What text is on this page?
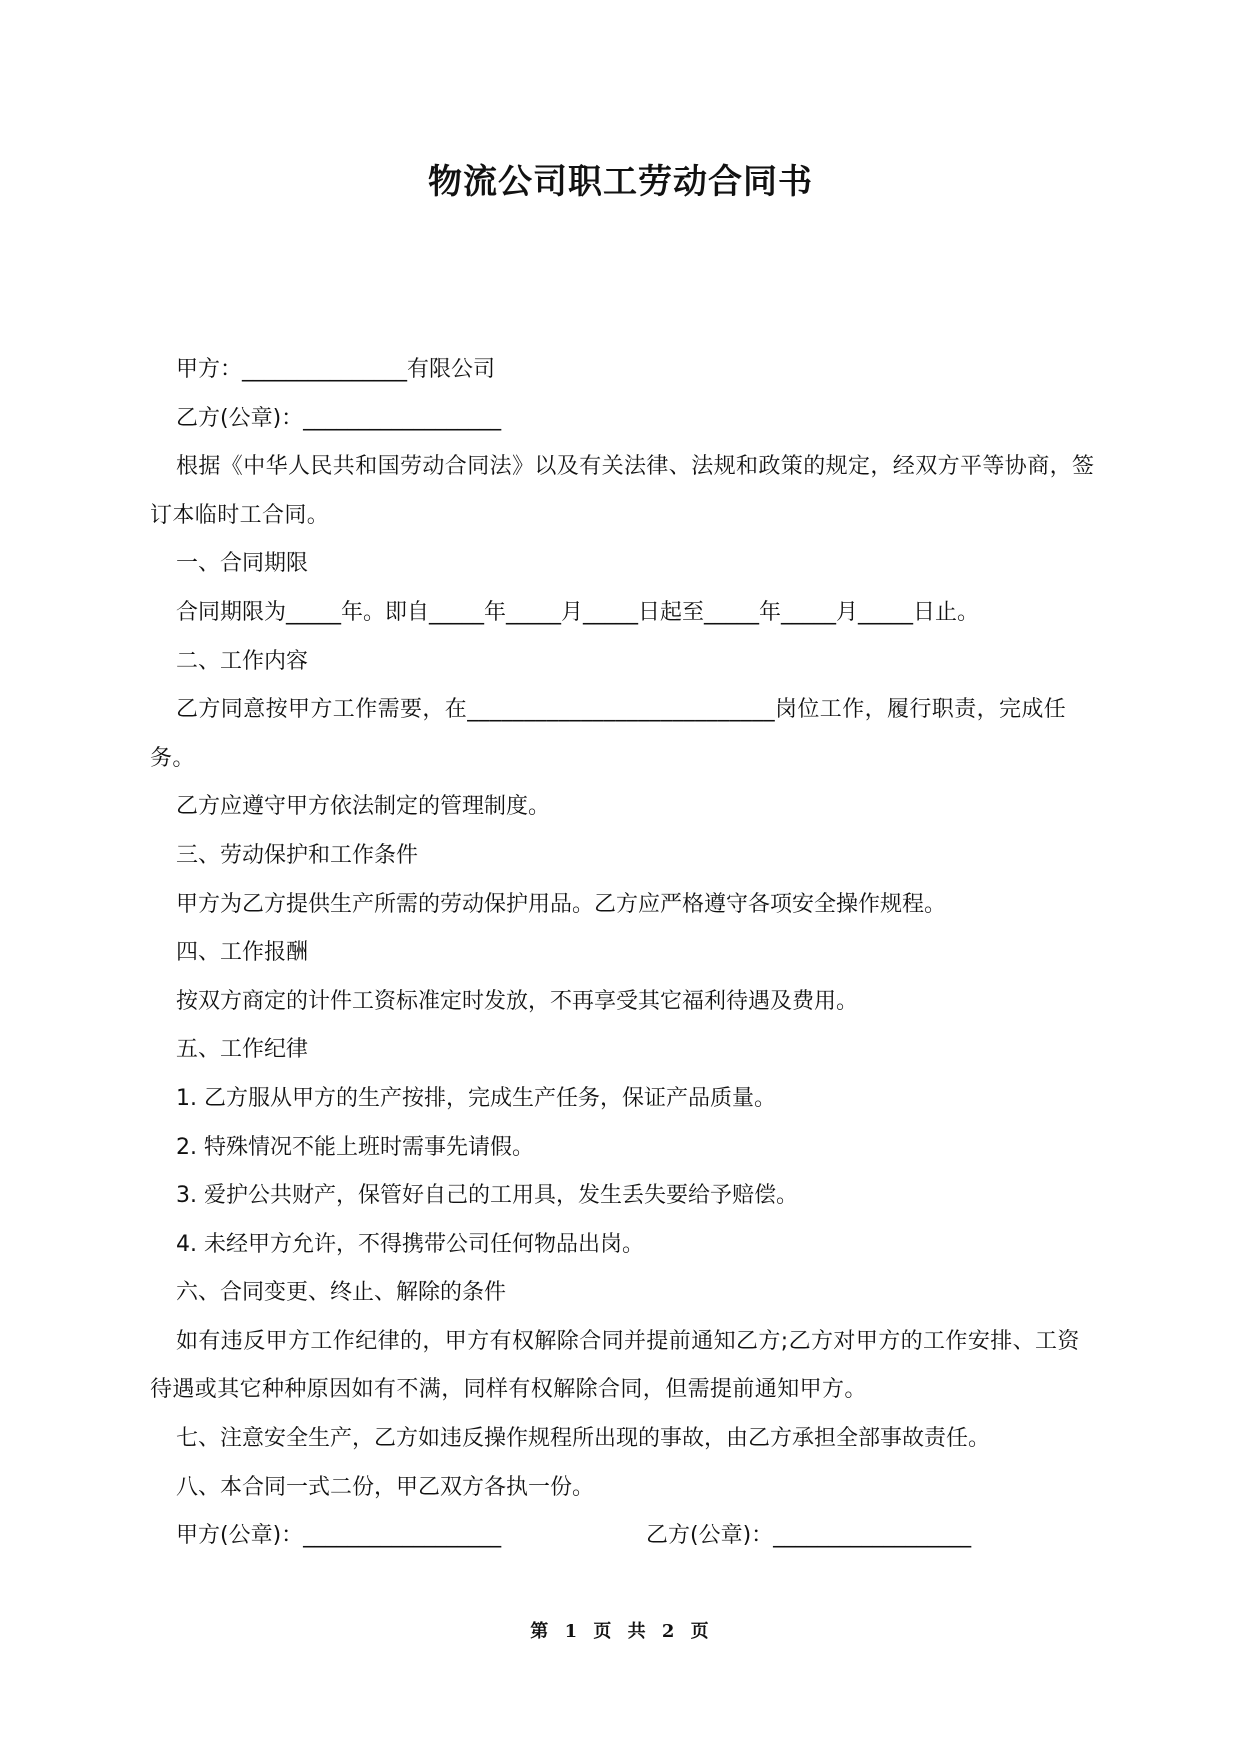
物流公司职工劳动合同书

甲方：_______________有限公司

乙方(公章)：__________________

根据《中华人民共和国劳动合同法》以及有关法律、法规和政策的规定，经双方平等协商，签订本临时工合同。

一、合同期限

合同期限为_____年。即自_____年_____月_____日起至_____年_____月_____日止。

二、工作内容

乙方同意按甲方工作需要，在___________________________岗位工作，履行职责，完成任务。

乙方应遵守甲方依法制定的管理制度。

三、劳动保护和工作条件

甲方为乙方提供生产所需的劳动保护用品。乙方应严格遵守各项安全操作规程。

四、工作报酬

按双方商定的计件工资标准定时发放，不再享受其它福利待遇及费用。

五、工作纪律

1. 乙方服从甲方的生产按排，完成生产任务，保证产品质量。

2. 特殊情况不能上班时需事先请假。

3. 爱护公共财产，保管好自己的工用具，发生丢失要给予赔偿。

4. 未经甲方允许，不得携带公司任何物品出岗。

六、合同变更、终止、解除的条件

如有违反甲方工作纪律的，甲方有权解除合同并提前通知乙方;乙方对甲方的工作安排、工资待遇或其它种种原因如有不满，同样有权解除合同，但需提前通知甲方。

七、注意安全生产，乙方如违反操作规程所出现的事故，由乙方承担全部事故责任。

八、本合同一式二份，甲乙双方各执一份。

甲方(公章)：__________________	乙方(公章)：__________________
第 1 页 共 2 页
